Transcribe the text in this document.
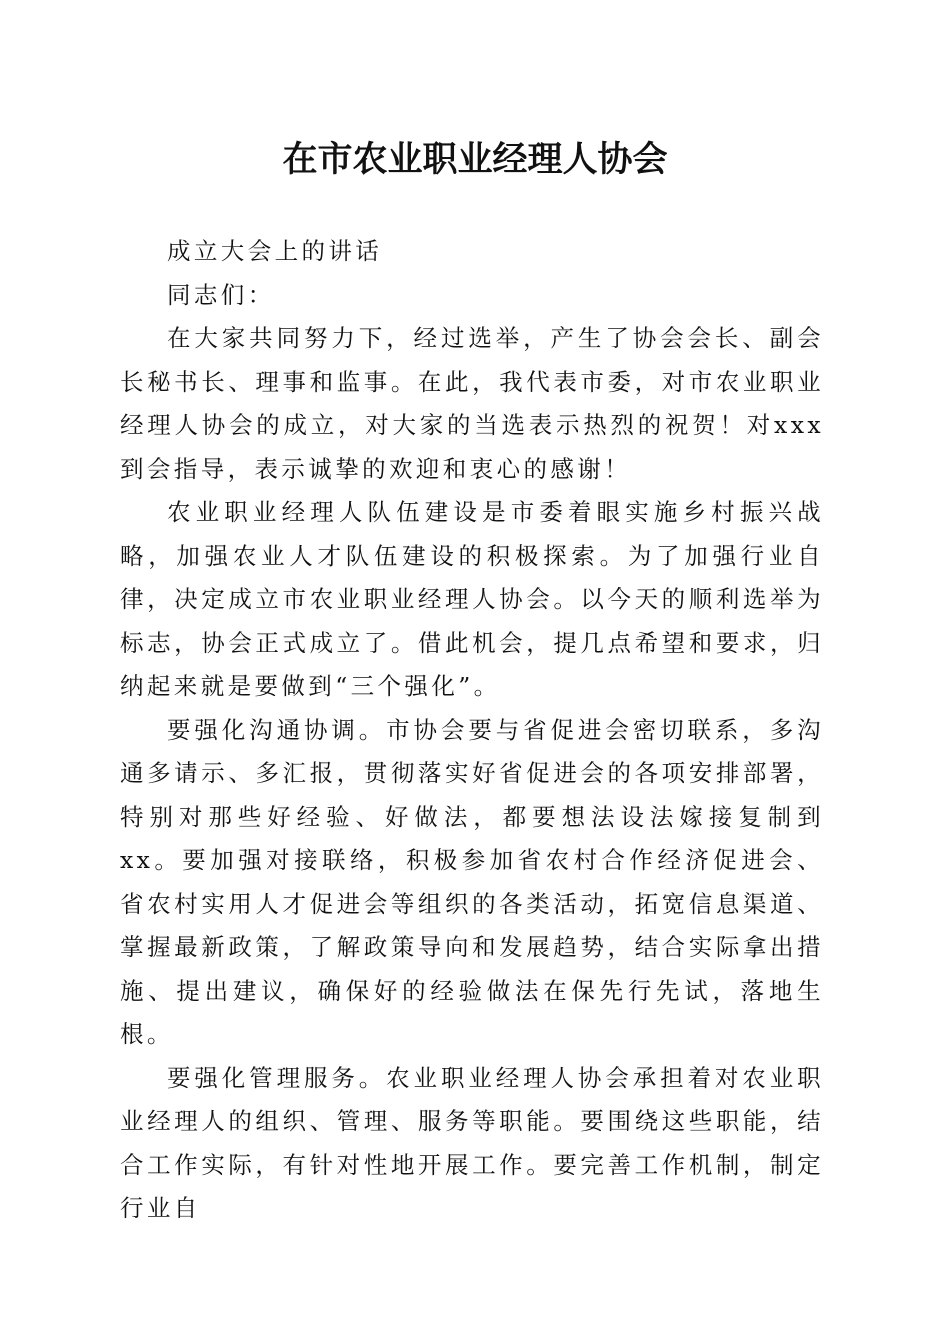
在市农业职业经理人协会

成立大会上的讲话

同志们：

在大家共同努力下，经过选举，产生了协会会长、副会长秘书长、理事和监事。在此，我代表市委，对市农业职业经理人协会的成立，对大家的当选表示热烈的祝贺！对xxx到会指导，表示诚挚的欢迎和衷心的感谢！

农业职业经理人队伍建设是市委着眼实施乡村振兴战略，加强农业人才队伍建设的积极探索。为了加强行业自律，决定成立市农业职业经理人协会。以今天的顺利选举为标志，协会正式成立了。借此机会，提几点希望和要求，归纳起来就是要做到“三个强化”。

要强化沟通协调。市协会要与省促进会密切联系，多沟通多请示、多汇报，贯彻落实好省促进会的各项安排部署，特别对那些好经验、好做法，都要想法设法嫁接复制到xx。要加强对接联络，积极参加省农村合作经济促进会、省农村实用人才促进会等组织的各类活动，拓宽信息渠道、掌握最新政策，了解政策导向和发展趋势，结合实际拿出措施、提出建议，确保好的经验做法在保先行先试，落地生根。

要强化管理服务。农业职业经理人协会承担着对农业职业经理人的组织、管理、服务等职能。要围绕这些职能，结合工作实际，有针对性地开展工作。要完善工作机制，制定行业自
